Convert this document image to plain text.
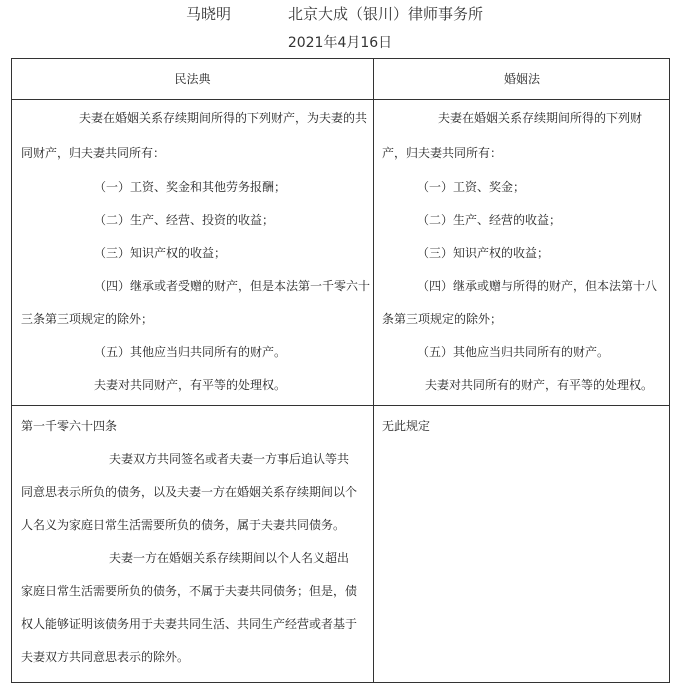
马晓明	北京大成（银川）律师事务所
2021年4月16日
民法典	婚姻法
夫妻在婚姻关系存续期间所得的下列财产，为夫妻的共
同财产，归夫妻共同所有：
（一）工资、奖金和其他劳务报酬；
（二）生产、经营、投资的收益；
（三）知识产权的收益；
（四）继承或者受赠的财产，但是本法第一千零六十
三条第三项规定的除外；
（五）其他应当归共同所有的财产。
夫妻对共同财产，有平等的处理权。
夫妻在婚姻关系存续期间所得的下列财
产，归夫妻共同所有：
（一）工资、奖金；
（二）生产、经营的收益；
（三）知识产权的收益；
（四）继承或赠与所得的财产，但本法第十八
条第三项规定的除外；
（五）其他应当归共同所有的财产。
夫妻对共同所有的财产，有平等的处理权。
第一千零六十四条
夫妻双方共同签名或者夫妻一方事后追认等共
同意思表示所负的债务，以及夫妻一方在婚姻关系存续期间以个
人名义为家庭日常生活需要所负的债务，属于夫妻共同债务。
夫妻一方在婚姻关系存续期间以个人名义超出
家庭日常生活需要所负的债务，不属于夫妻共同债务；但是，债
权人能够证明该债务用于夫妻共同生活、共同生产经营或者基于
夫妻双方共同意思表示的除外。
无此规定
